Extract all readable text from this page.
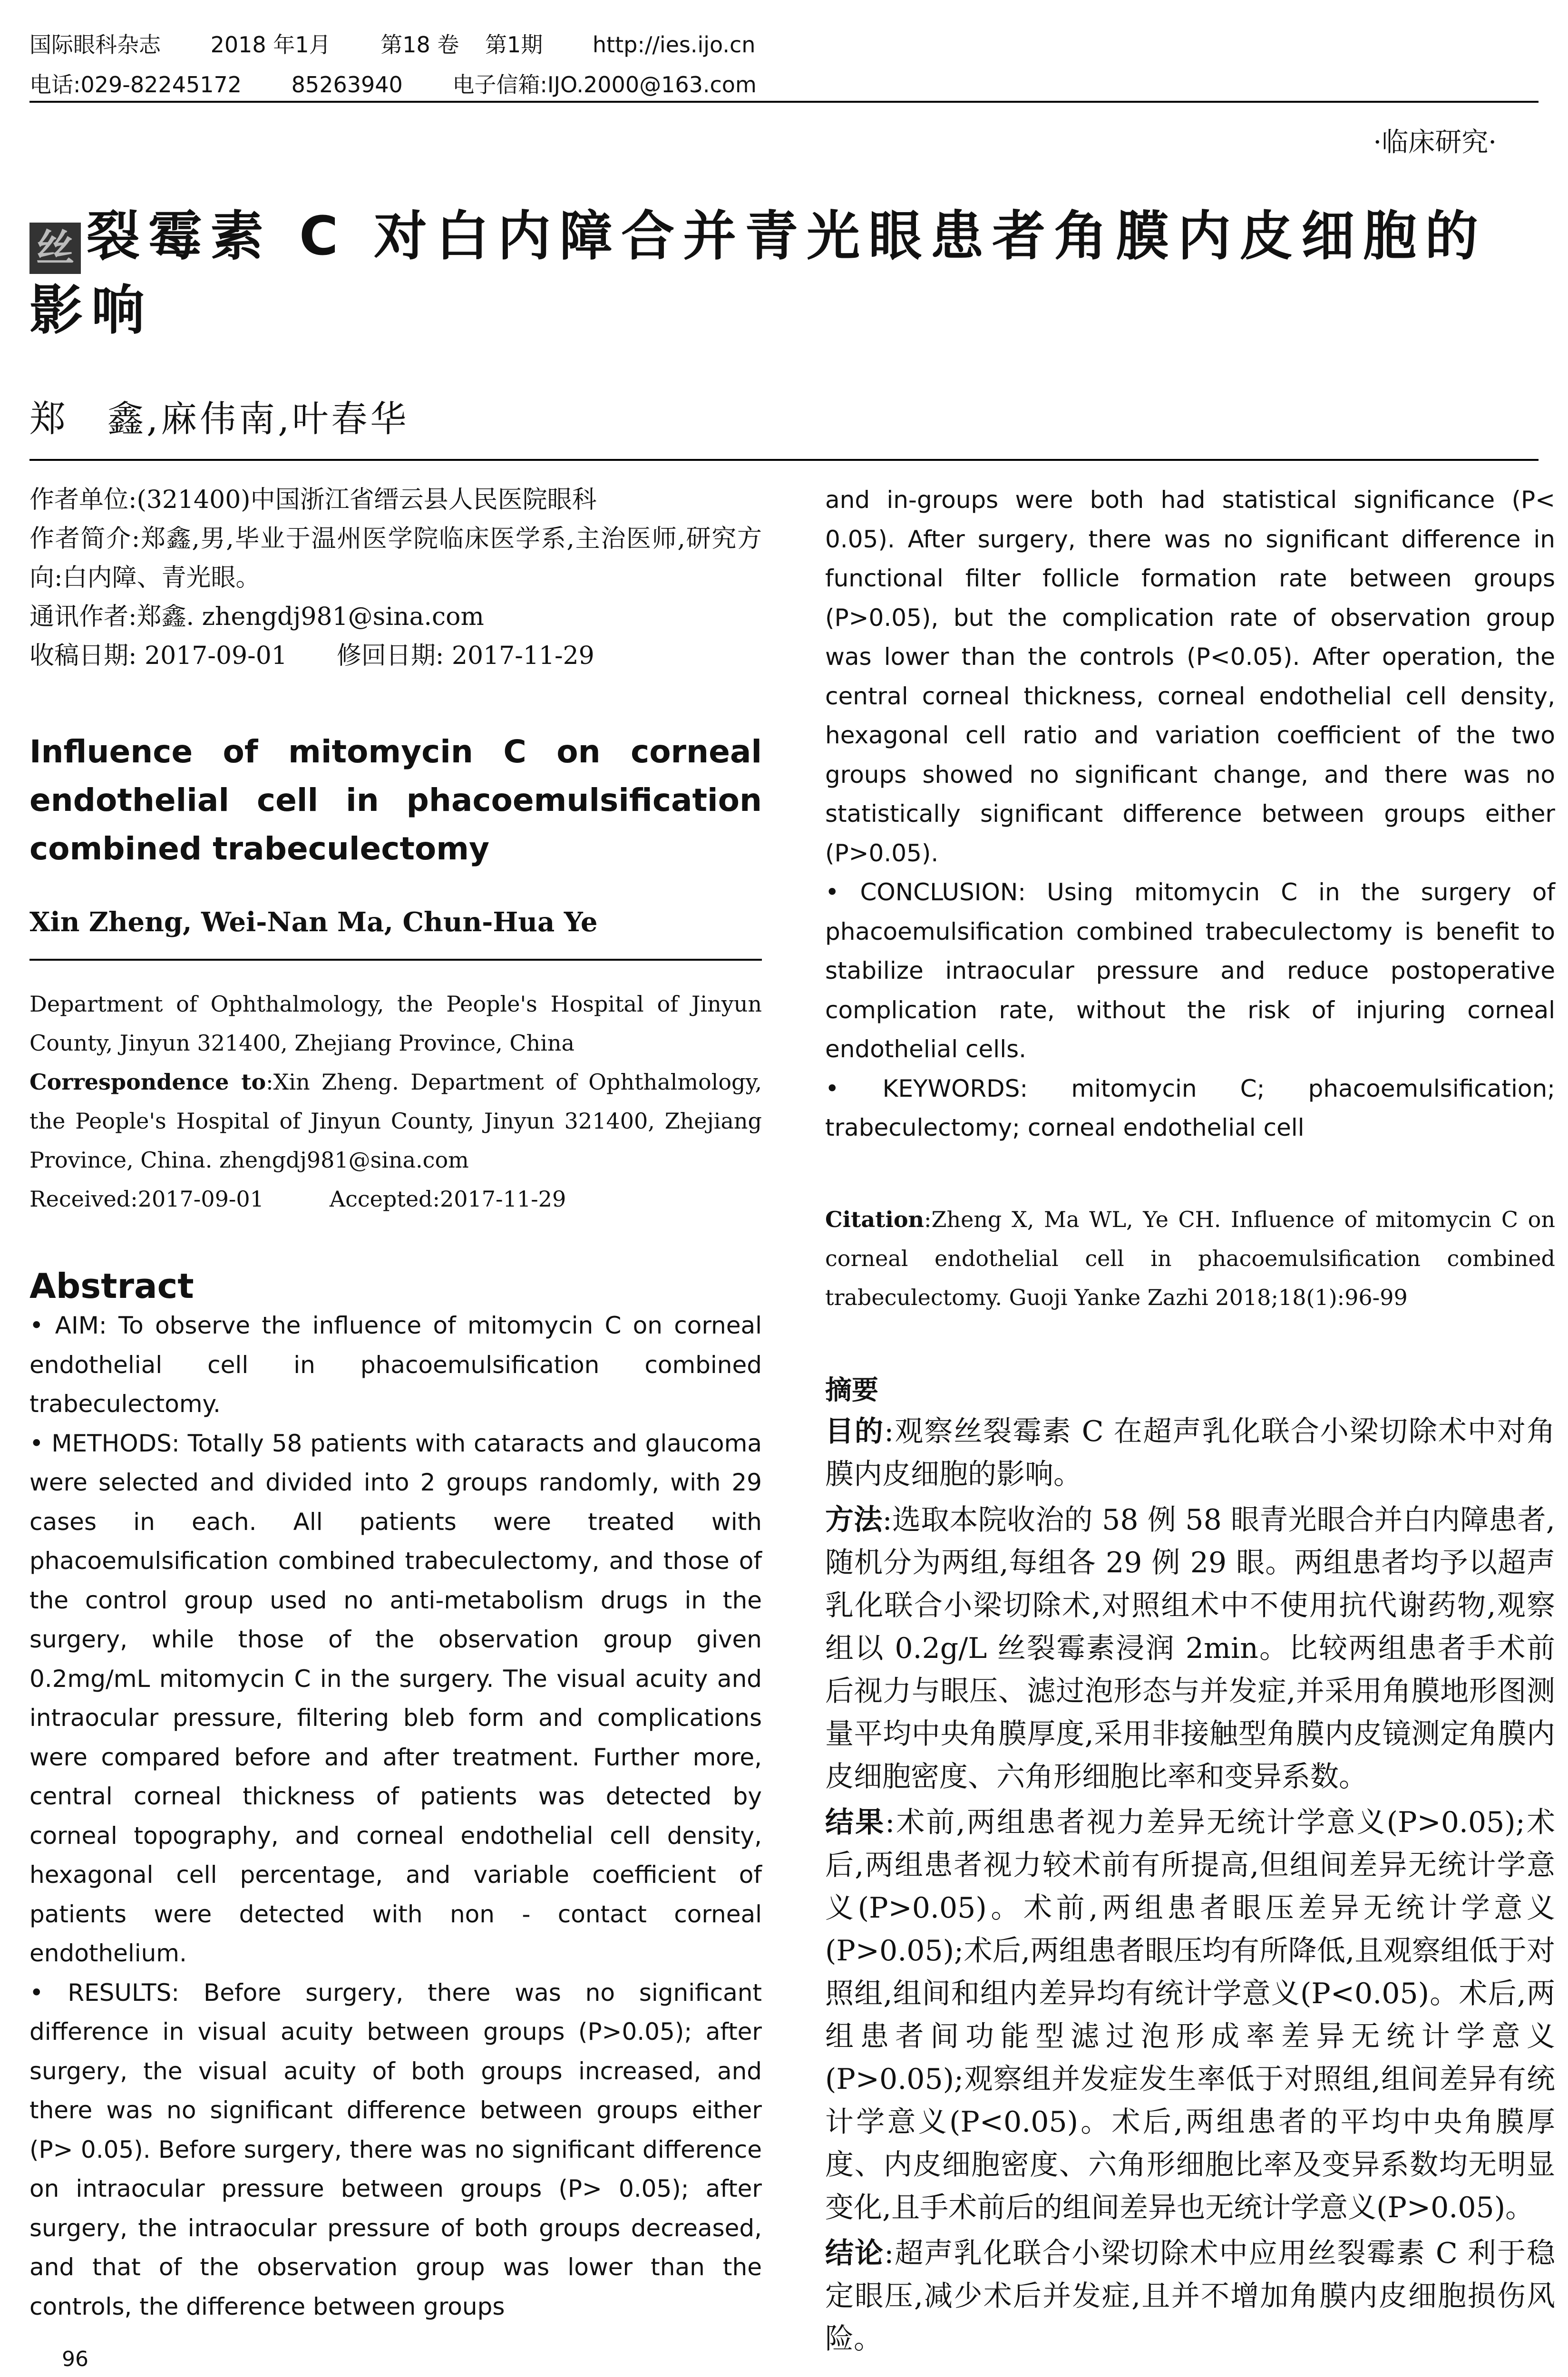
国际眼科杂志 2018 年1月 第18 卷 第1期 http://ies.ijo.cn
电话:029-82245172 85263940 电子信箱:IJO.2000@163.com
·临床研究·
丝 裂霉素 C 对白内障合并青光眼患者角膜内皮细胞的影响
郑　鑫,麻伟南,叶春华
作者单位:(321400)中国浙江省缙云县人民医院眼科
作者简介:郑鑫,男,毕业于温州医学院临床医学系,主治医师,研究方向:白内障、青光眼。
通讯作者:郑鑫. zhengdj981@sina.com
收稿日期: 2017-09-01　　修回日期: 2017-11-29
Influence of mitomycin C on corneal endothelial cell in phacoemulsification combined trabeculectomy
Xin Zheng, Wei-Nan Ma, Chun-Hua Ye
Department of Ophthalmology, the People's Hospital of Jinyun County, Jinyun 321400, Zhejiang Province, China
Correspondence to:Xin Zheng. Department of Ophthalmology, the People's Hospital of Jinyun County, Jinyun 321400, Zhejiang Province, China. zhengdj981@sina.com
Received:2017-09-01　　　Accepted:2017-11-29
Abstract

• AIM: To observe the influence of mitomycin C on corneal endothelial cell in phacoemulsification combined trabeculectomy.

• METHODS: Totally 58 patients with cataracts and glaucoma were selected and divided into 2 groups randomly, with 29 cases in each. All patients were treated with phacoemulsification combined trabeculectomy, and those of the control group used no anti-metabolism drugs in the surgery, while those of the observation group given 0.2mg/mL mitomycin C in the surgery. The visual acuity and intraocular pressure, filtering bleb form and complications were compared before and after treatment. Further more, central corneal thickness of patients was detected by corneal topography, and corneal endothelial cell density, hexagonal cell percentage, and variable coefficient of patients were detected with non - contact corneal endothelium.

• RESULTS: Before surgery, there was no significant difference in visual acuity between groups (P>0.05); after surgery, the visual acuity of both groups increased, and there was no significant difference between groups either (P> 0.05). Before surgery, there was no significant difference on intraocular pressure between groups (P> 0.05); after surgery, the intraocular pressure of both groups decreased, and that of the observation group was lower than the controls, the difference between groups

and in-groups were both had statistical significance (P< 0.05). After surgery, there was no significant difference in functional filter follicle formation rate between groups (P>0.05), but the complication rate of observation group was lower than the controls (P<0.05). After operation, the central corneal thickness, corneal endothelial cell density, hexagonal cell ratio and variation coefficient of the two groups showed no significant change, and there was no statistically significant difference between groups either (P>0.05).

• CONCLUSION: Using mitomycin C in the surgery of phacoemulsification combined trabeculectomy is benefit to stabilize intraocular pressure and reduce postoperative complication rate, without the risk of injuring corneal endothelial cells.

• KEYWORDS: mitomycin C; phacoemulsification; trabeculectomy; corneal endothelial cell

Citation:Zheng X, Ma WL, Ye CH. Influence of mitomycin C on corneal endothelial cell in phacoemulsification combined trabeculectomy. Guoji Yanke Zazhi 2018;18(1):96-99
摘要

目的:观察丝裂霉素 C 在超声乳化联合小梁切除术中对角膜内皮细胞的影响。

方法:选取本院收治的 58 例 58 眼青光眼合并白内障患者,随机分为两组,每组各 29 例 29 眼。两组患者均予以超声乳化联合小梁切除术,对照组术中不使用抗代谢药物,观察组以 0.2g/L 丝裂霉素浸润 2min。比较两组患者手术前后视力与眼压、滤过泡形态与并发症,并采用角膜地形图测量平均中央角膜厚度,采用非接触型角膜内皮镜测定角膜内皮细胞密度、六角形细胞比率和变异系数。

结果:术前,两组患者视力差异无统计学意义(P>0.05);术后,两组患者视力较术前有所提高,但组间差异无统计学意义(P>0.05)。术前,两组患者眼压差异无统计学意义(P>0.05);术后,两组患者眼压均有所降低,且观察组低于对照组,组间和组内差异均有统计学意义(P<0.05)。术后,两组患者间功能型滤过泡形成率差异无统计学意义(P>0.05);观察组并发症发生率低于对照组,组间差异有统计学意义(P<0.05)。术后,两组患者的平均中央角膜厚度、内皮细胞密度、六角形细胞比率及变异系数均无明显变化,且手术前后的组间差异也无统计学意义(P>0.05)。

结论:超声乳化联合小梁切除术中应用丝裂霉素 C 利于稳定眼压,减少术后并发症,且并不增加角膜内皮细胞损伤风险。

96
